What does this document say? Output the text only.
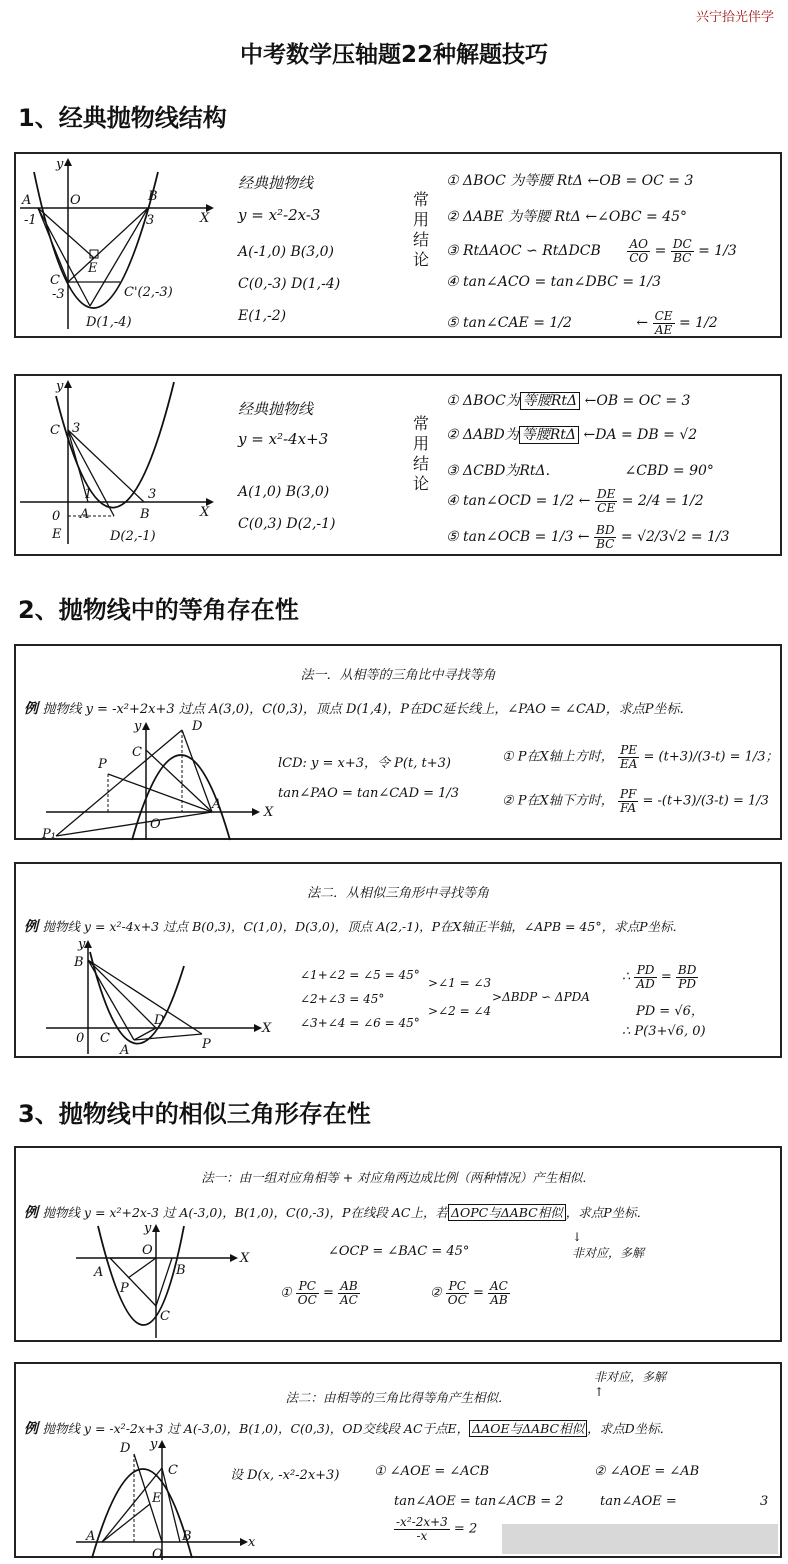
兴宁拾光伴学
中考数学压轴题22种解题技巧
1、经典抛物线结构
y
X
A	O	B
-1	3
C
-3
E
C'(2,-3)
D(1,-4)
经典抛物线
y = x²-2x-3
A(-1,0) B(3,0)
C(0,-3) D(1,-4)
E(1,-2)
常
用
结
论
① ΔBOC 为等腰 RtΔ ←OB = OC = 3
② ΔABE 为等腰 RtΔ ←∠OBC = 45°
③ RtΔAOC ∽ RtΔDCB $\frac{AO}{CO} = \frac{DC}{BC} = 1/3$
④ tan∠ACO = tan∠DBC = 1/3
⑤ tan∠CAE = 1/2	← $\frac{CE}{AE} = 1/2$
y
X
C 3
1
A
3
B
0
E	D(2,-1)
经典抛物线
y = x²-4x+3
A(1,0) B(3,0)
C(0,3) D(2,-1)
常
用
结
论
① ΔBOC为 等腰RtΔ ←OB = OC = 3
② ΔABD为 等腰RtΔ ←DA = DB = √2
③ ΔCBD为RtΔ.	∠CBD = 90°
④ tan∠OCD = 1/2 ← $\frac{DE}{CE} = 2/4 = 1/2$
⑤ tan∠OCB = 1/3 ← $\frac{BD}{BC} = √2/3√2 = 1/3$
2、抛物线中的等角存在性
法一．从相等的三角比中寻找等角
例 抛物线 y = -x²+2x+3 过点 A(3,0)，C(0,3)，顶点 D(1,4)，P在DC延长线上，∠PAO = ∠CAD，求点P坐标．
y
X
C
D
P
A
O
P₁
lCD: y = x+3，令 P(t, t+3)
tan∠PAO = tan∠CAD = 1/3
① P在X轴上方时， $\frac{PE}{EA} = (t+3)/(3-t) = 1/3$；
② P在X轴下方时， $\frac{PF}{FA} = -(t+3)/(3-t) = 1/3$
法二．从相似三角形中寻找等角
例 抛物线 y = x²-4x+3 过点 B(0,3)，C(1,0)，D(3,0)，顶点 A(2,-1)，P在X轴正半轴，∠APB = 45°，求点P坐标．
y
X
B
0 C
D
A	P
∠1+∠2 = ∠5 = 45°
∠2+∠3 = 45°
∠3+∠4 = ∠6 = 45°
>∠1 = ∠3
>∠2 = ∠4
>ΔBDP ∽ ΔPDA
∴ $\frac{PD}{AD} = \frac{BD}{PD}$
PD = √6，
∴ P(3+√6, 0)
3、抛物线中的相似三角形存在性
法一：由一组对应角相等 + 对应角两边成比例（两种情况）产生相似．
例 抛物线 y = x²+2x-3 过 A(-3,0)，B(1,0)，C(0,-3)，P在线段 AC上，若 ΔOPC与ΔABC相似 ，求点P坐标．
↓
非对应，多解
y
X
O
A	B
C
P
∠OCP = ∠BAC = 45°
① $\frac{PC}{OC} = \frac{AB}{AC}$	② $\frac{PC}{OC} = \frac{AC}{AB}$
法二：由相等的三角比得等角产生相似．
非对应，多解
↑
例 抛物线 y = -x²-2x+3 过 A(-3,0)，B(1,0)，C(0,3)，OD交线段 AC于点E， ΔAOE与ΔABC相似 ，求点D坐标．
y
x
D
C
E
A	B
O
设 D(x, -x²-2x+3)	① ∠AOE = ∠ACB
tan∠AOE = tan∠ACB = 2
$\frac{\text{-x²-2x+3}}{-x} = 2$
② ∠AOE = ∠AB
tan∠AOE =	3
